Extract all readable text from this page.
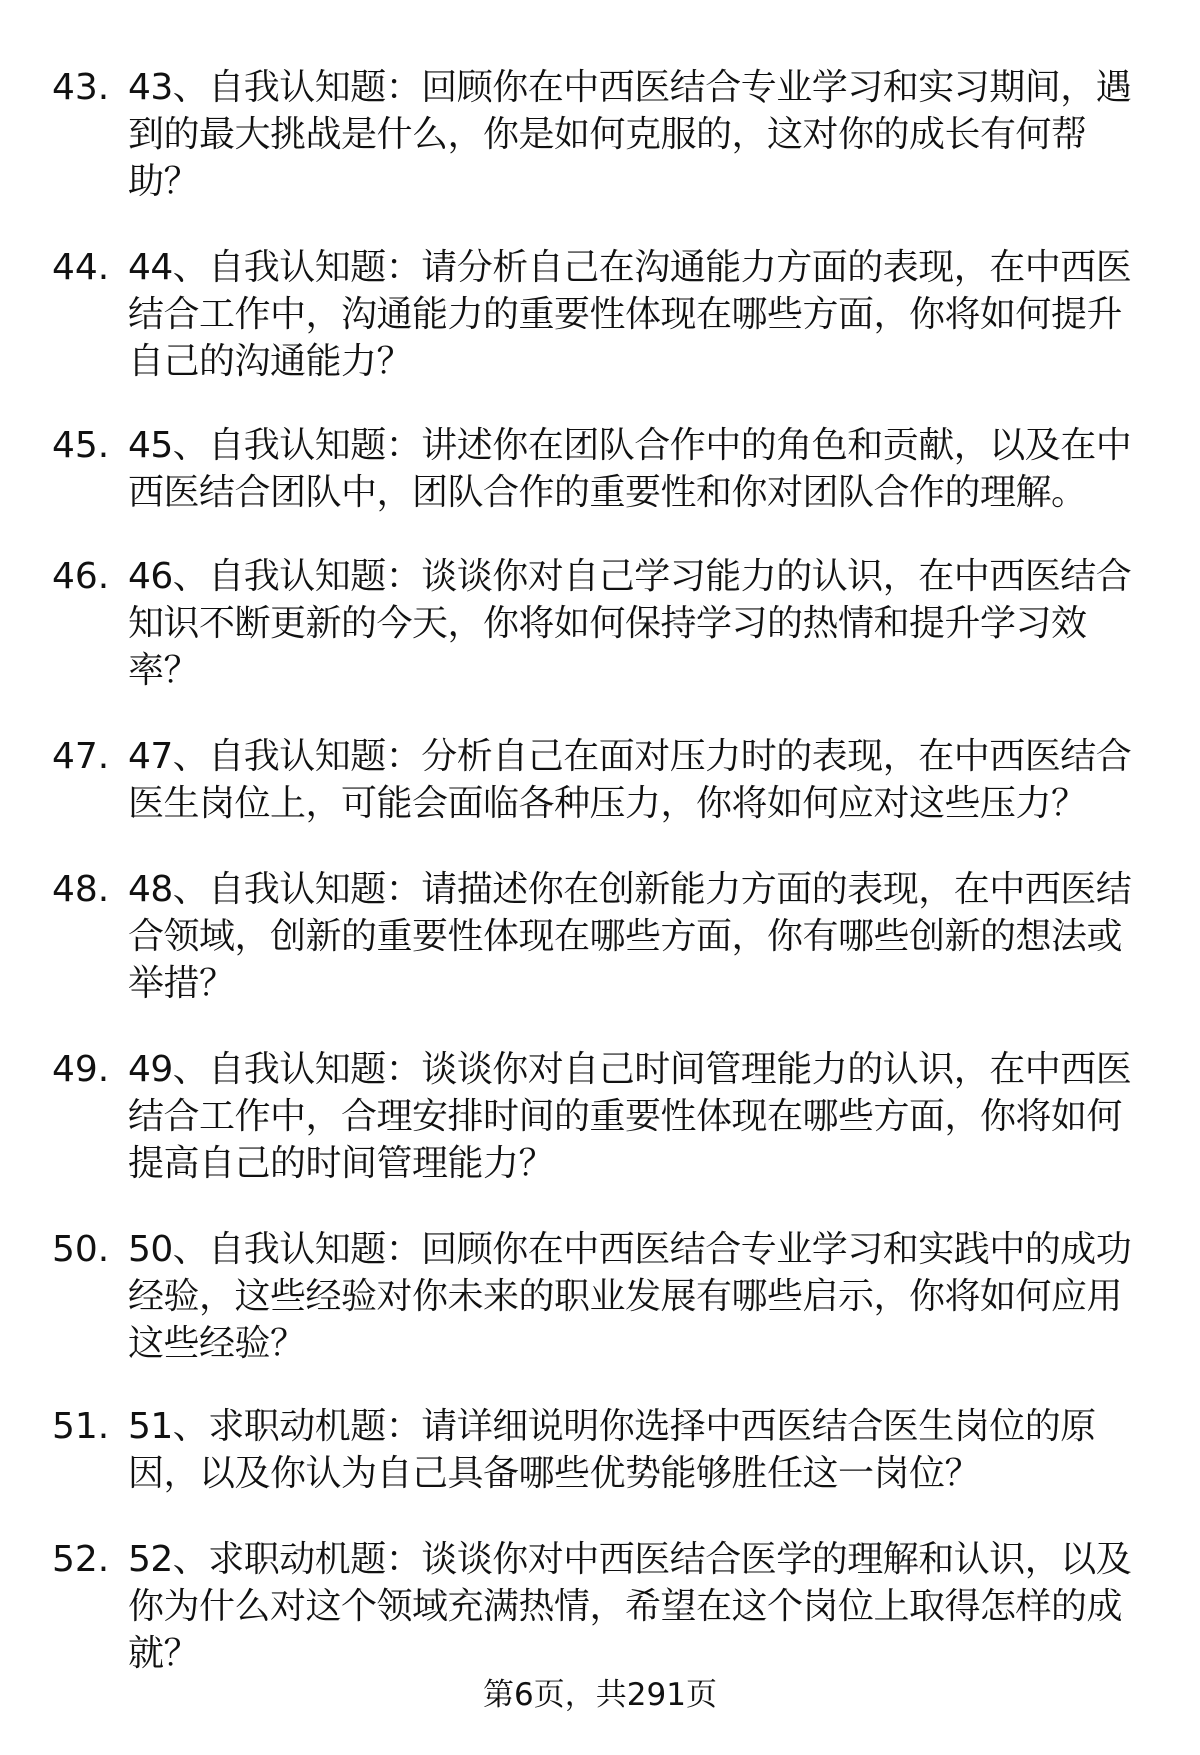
43. 43、自我认知题：回顾你在中西医结合专业学习和实习期间，遇
到的最大挑战是什么，你是如何克服的，这对你的成长有何帮
助？
44. 44、自我认知题：请分析自己在沟通能力方面的表现，在中西医
结合工作中，沟通能力的重要性体现在哪些方面，你将如何提升
自己的沟通能力？
45. 45、自我认知题：讲述你在团队合作中的角色和贡献，以及在中
西医结合团队中，团队合作的重要性和你对团队合作的理解。
46. 46、自我认知题：谈谈你对自己学习能力的认识，在中西医结合
知识不断更新的今天，你将如何保持学习的热情和提升学习效
率？
47. 47、自我认知题：分析自己在面对压力时的表现，在中西医结合
医生岗位上，可能会面临各种压力，你将如何应对这些压力？
48. 48、自我认知题：请描述你在创新能力方面的表现，在中西医结
合领域，创新的重要性体现在哪些方面，你有哪些创新的想法或
举措？
49. 49、自我认知题：谈谈你对自己时间管理能力的认识，在中西医
结合工作中，合理安排时间的重要性体现在哪些方面，你将如何
提高自己的时间管理能力？
50. 50、自我认知题：回顾你在中西医结合专业学习和实践中的成功
经验，这些经验对你未来的职业发展有哪些启示，你将如何应用
这些经验？
51. 51、求职动机题：请详细说明你选择中西医结合医生岗位的原
因，以及你认为自己具备哪些优势能够胜任这一岗位？
52. 52、求职动机题：谈谈你对中西医结合医学的理解和认识，以及
你为什么对这个领域充满热情，希望在这个岗位上取得怎样的成
就？
第6页，共291页
